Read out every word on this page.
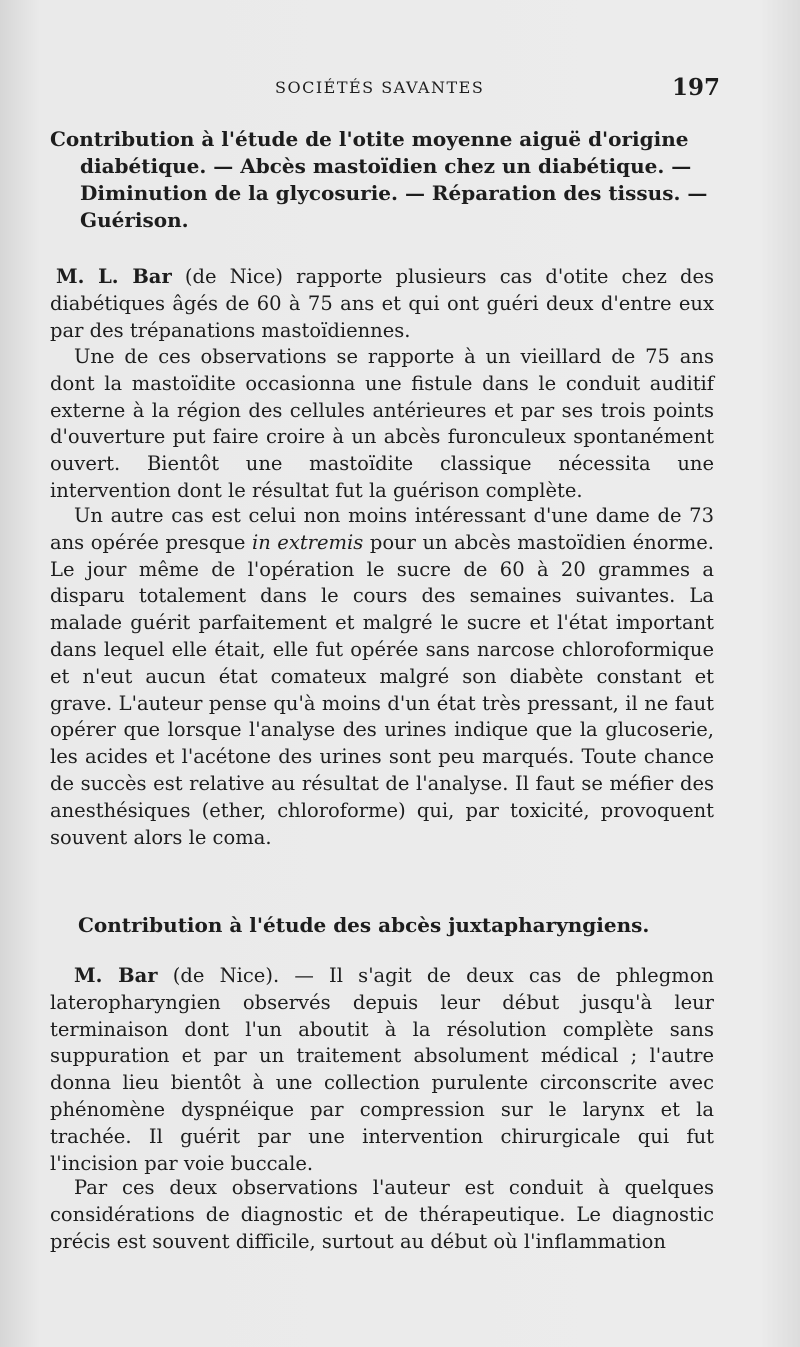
SOCIÉTÉS SAVANTES	197
Contribution à l'étude de l'otite moyenne aiguë d'origine
diabétique. — Abcès mastoïdien chez un diabétique. —
Diminution de la glycosurie. — Réparation des tissus. —
Guérison.

M. L. Bar (de Nice) rapporte plusieurs cas d'otite chez des diabétiques âgés de 60 à 75 ans et qui ont guéri deux d'entre eux par des trépanations mastoïdiennes.

Une de ces observations se rapporte à un vieillard de 75 ans dont la mastoïdite occasionna une fistule dans le conduit auditif externe à la région des cellules antérieures et par ses trois points d'ouverture put faire croire à un abcès furonculeux spontanément ouvert. Bientôt une mastoïdite classique nécessita une intervention dont le résultat fut la guérison complète.

Un autre cas est celui non moins intéressant d'une dame de 73 ans opérée presque in extremis pour un abcès mastoïdien énorme. Le jour même de l'opération le sucre de 60 à 20 grammes a disparu totalement dans le cours des semaines suivantes. La malade guérit parfaitement et malgré le sucre et l'état important dans lequel elle était, elle fut opérée sans narcose chloroformique et n'eut aucun état comateux malgré son diabète constant et grave. L'auteur pense qu'à moins d'un état très pressant, il ne faut opérer que lorsque l'analyse des urines indique que la glucoserie, les acides et l'acétone des urines sont peu marqués. Toute chance de succès est relative au résultat de l'analyse. Il faut se méfier des anesthésiques (ether, chloroforme) qui, par toxicité, provoquent souvent alors le coma.

Contribution à l'étude des abcès juxtapharyngiens.

M. Bar (de Nice). — Il s'agit de deux cas de phlegmon lateropharyngien observés depuis leur début jusqu'à leur terminaison dont l'un aboutit à la résolution complète sans suppuration et par un traitement absolument médical ; l'autre donna lieu bientôt à une collection purulente circonscrite avec phénomène dyspnéique par compression sur le larynx et la trachée. Il guérit par une intervention chirurgicale qui fut l'incision par voie buccale.

Par ces deux observations l'auteur est conduit à quelques considérations de diagnostic et de thérapeutique. Le diagnostic précis est souvent difficile, surtout au début où l'inflammation
